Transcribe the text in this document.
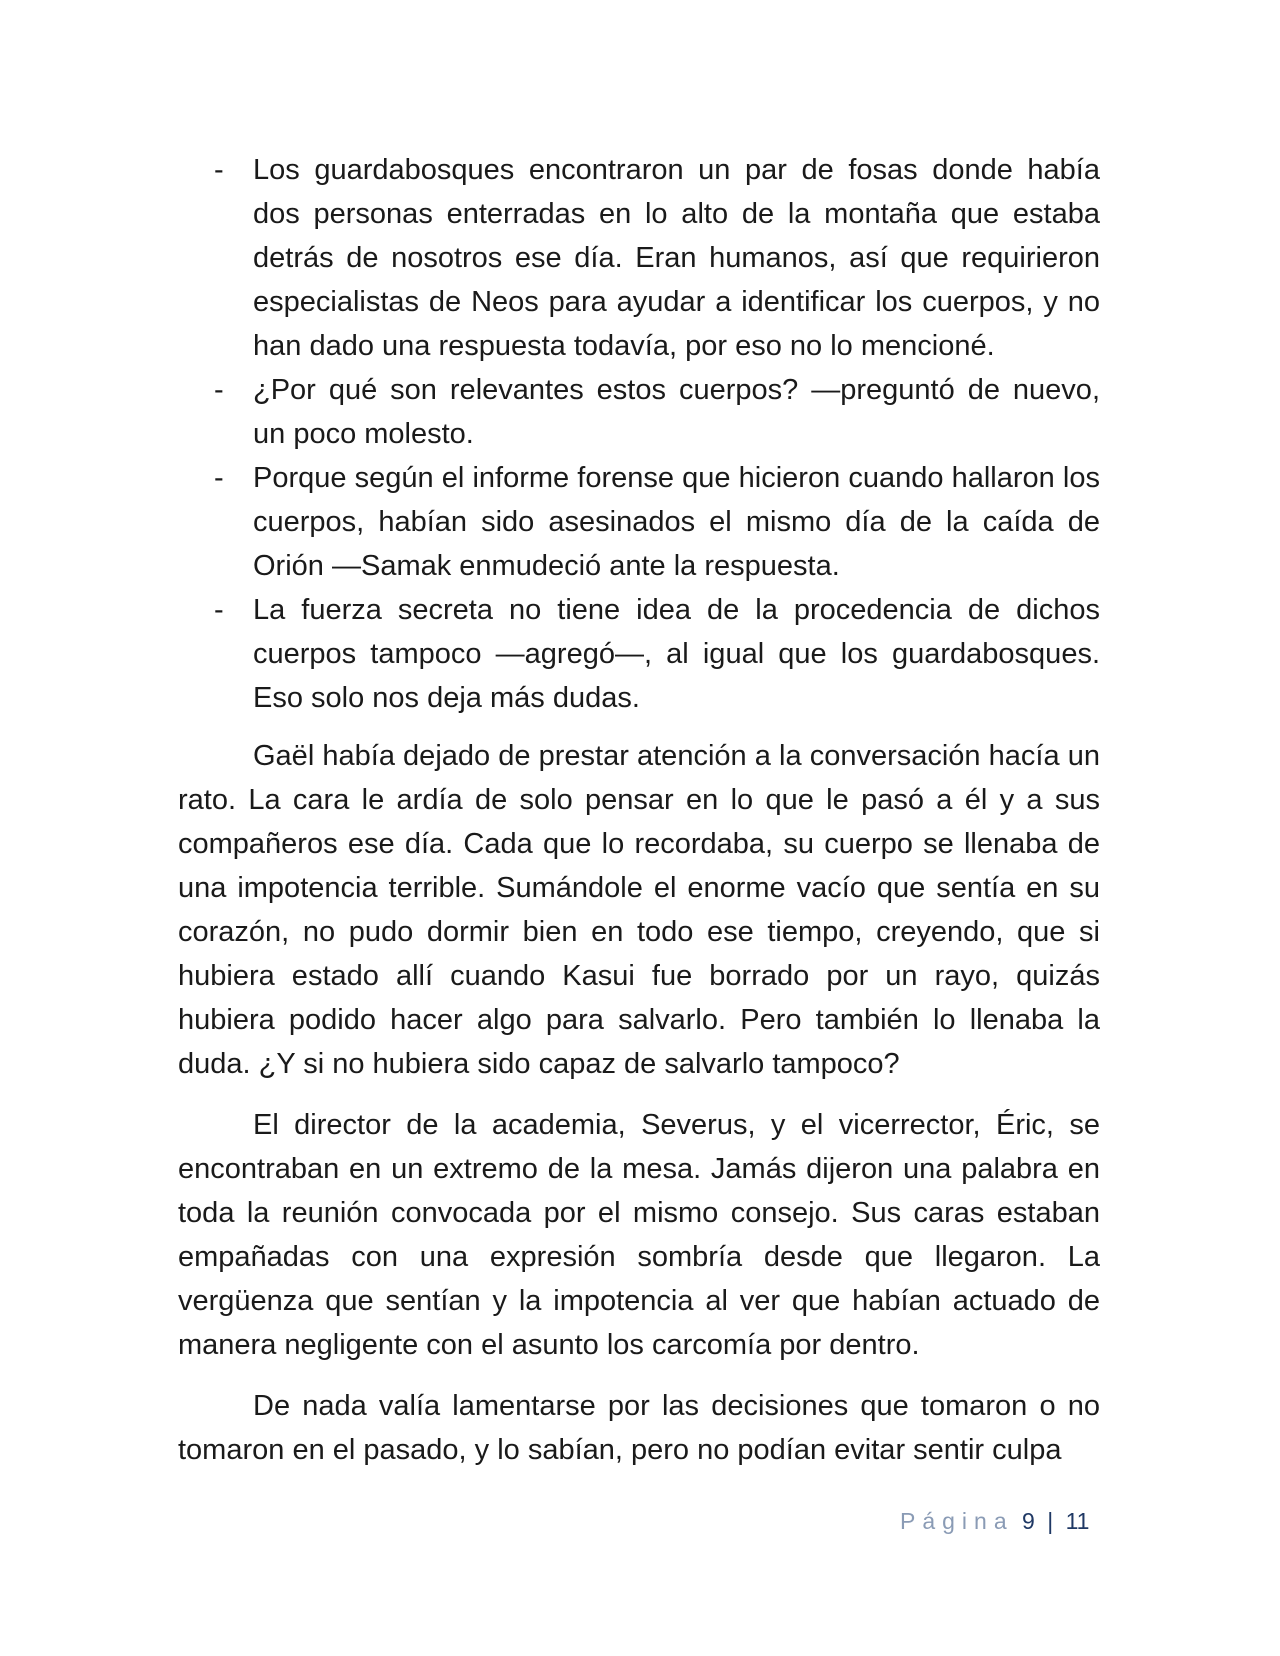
- Los guardabosques encontraron un par de fosas donde había dos personas enterradas en lo alto de la montaña que estaba detrás de nosotros ese día. Eran humanos, así que requirieron especialistas de Neos para ayudar a identificar los cuerpos, y no han dado una respuesta todavía, por eso no lo mencioné.
- ¿Por qué son relevantes estos cuerpos? —preguntó de nuevo, un poco molesto.
- Porque según el informe forense que hicieron cuando hallaron los cuerpos, habían sido asesinados el mismo día de la caída de Orión —Samak enmudeció ante la respuesta.
- La fuerza secreta no tiene idea de la procedencia de dichos cuerpos tampoco —agregó—, al igual que los guardabosques. Eso solo nos deja más dudas.

Gaël había dejado de prestar atención a la conversación hacía un rato. La cara le ardía de solo pensar en lo que le pasó a él y a sus compañeros ese día. Cada que lo recordaba, su cuerpo se llenaba de una impotencia terrible. Sumándole el enorme vacío que sentía en su corazón, no pudo dormir bien en todo ese tiempo, creyendo, que si hubiera estado allí cuando Kasui fue borrado por un rayo, quizás hubiera podido hacer algo para salvarlo. Pero también lo llenaba la duda. ¿Y si no hubiera sido capaz de salvarlo tampoco?

El director de la academia, Severus, y el vicerrector, Éric, se encontraban en un extremo de la mesa. Jamás dijeron una palabra en toda la reunión convocada por el mismo consejo. Sus caras estaban empañadas con una expresión sombría desde que llegaron. La vergüenza que sentían y la impotencia al ver que habían actuado de manera negligente con el asunto los carcomía por dentro.

De nada valía lamentarse por las decisiones que tomaron o no tomaron en el pasado, y lo sabían, pero no podían evitar sentir culpa

Página 9 | 11
